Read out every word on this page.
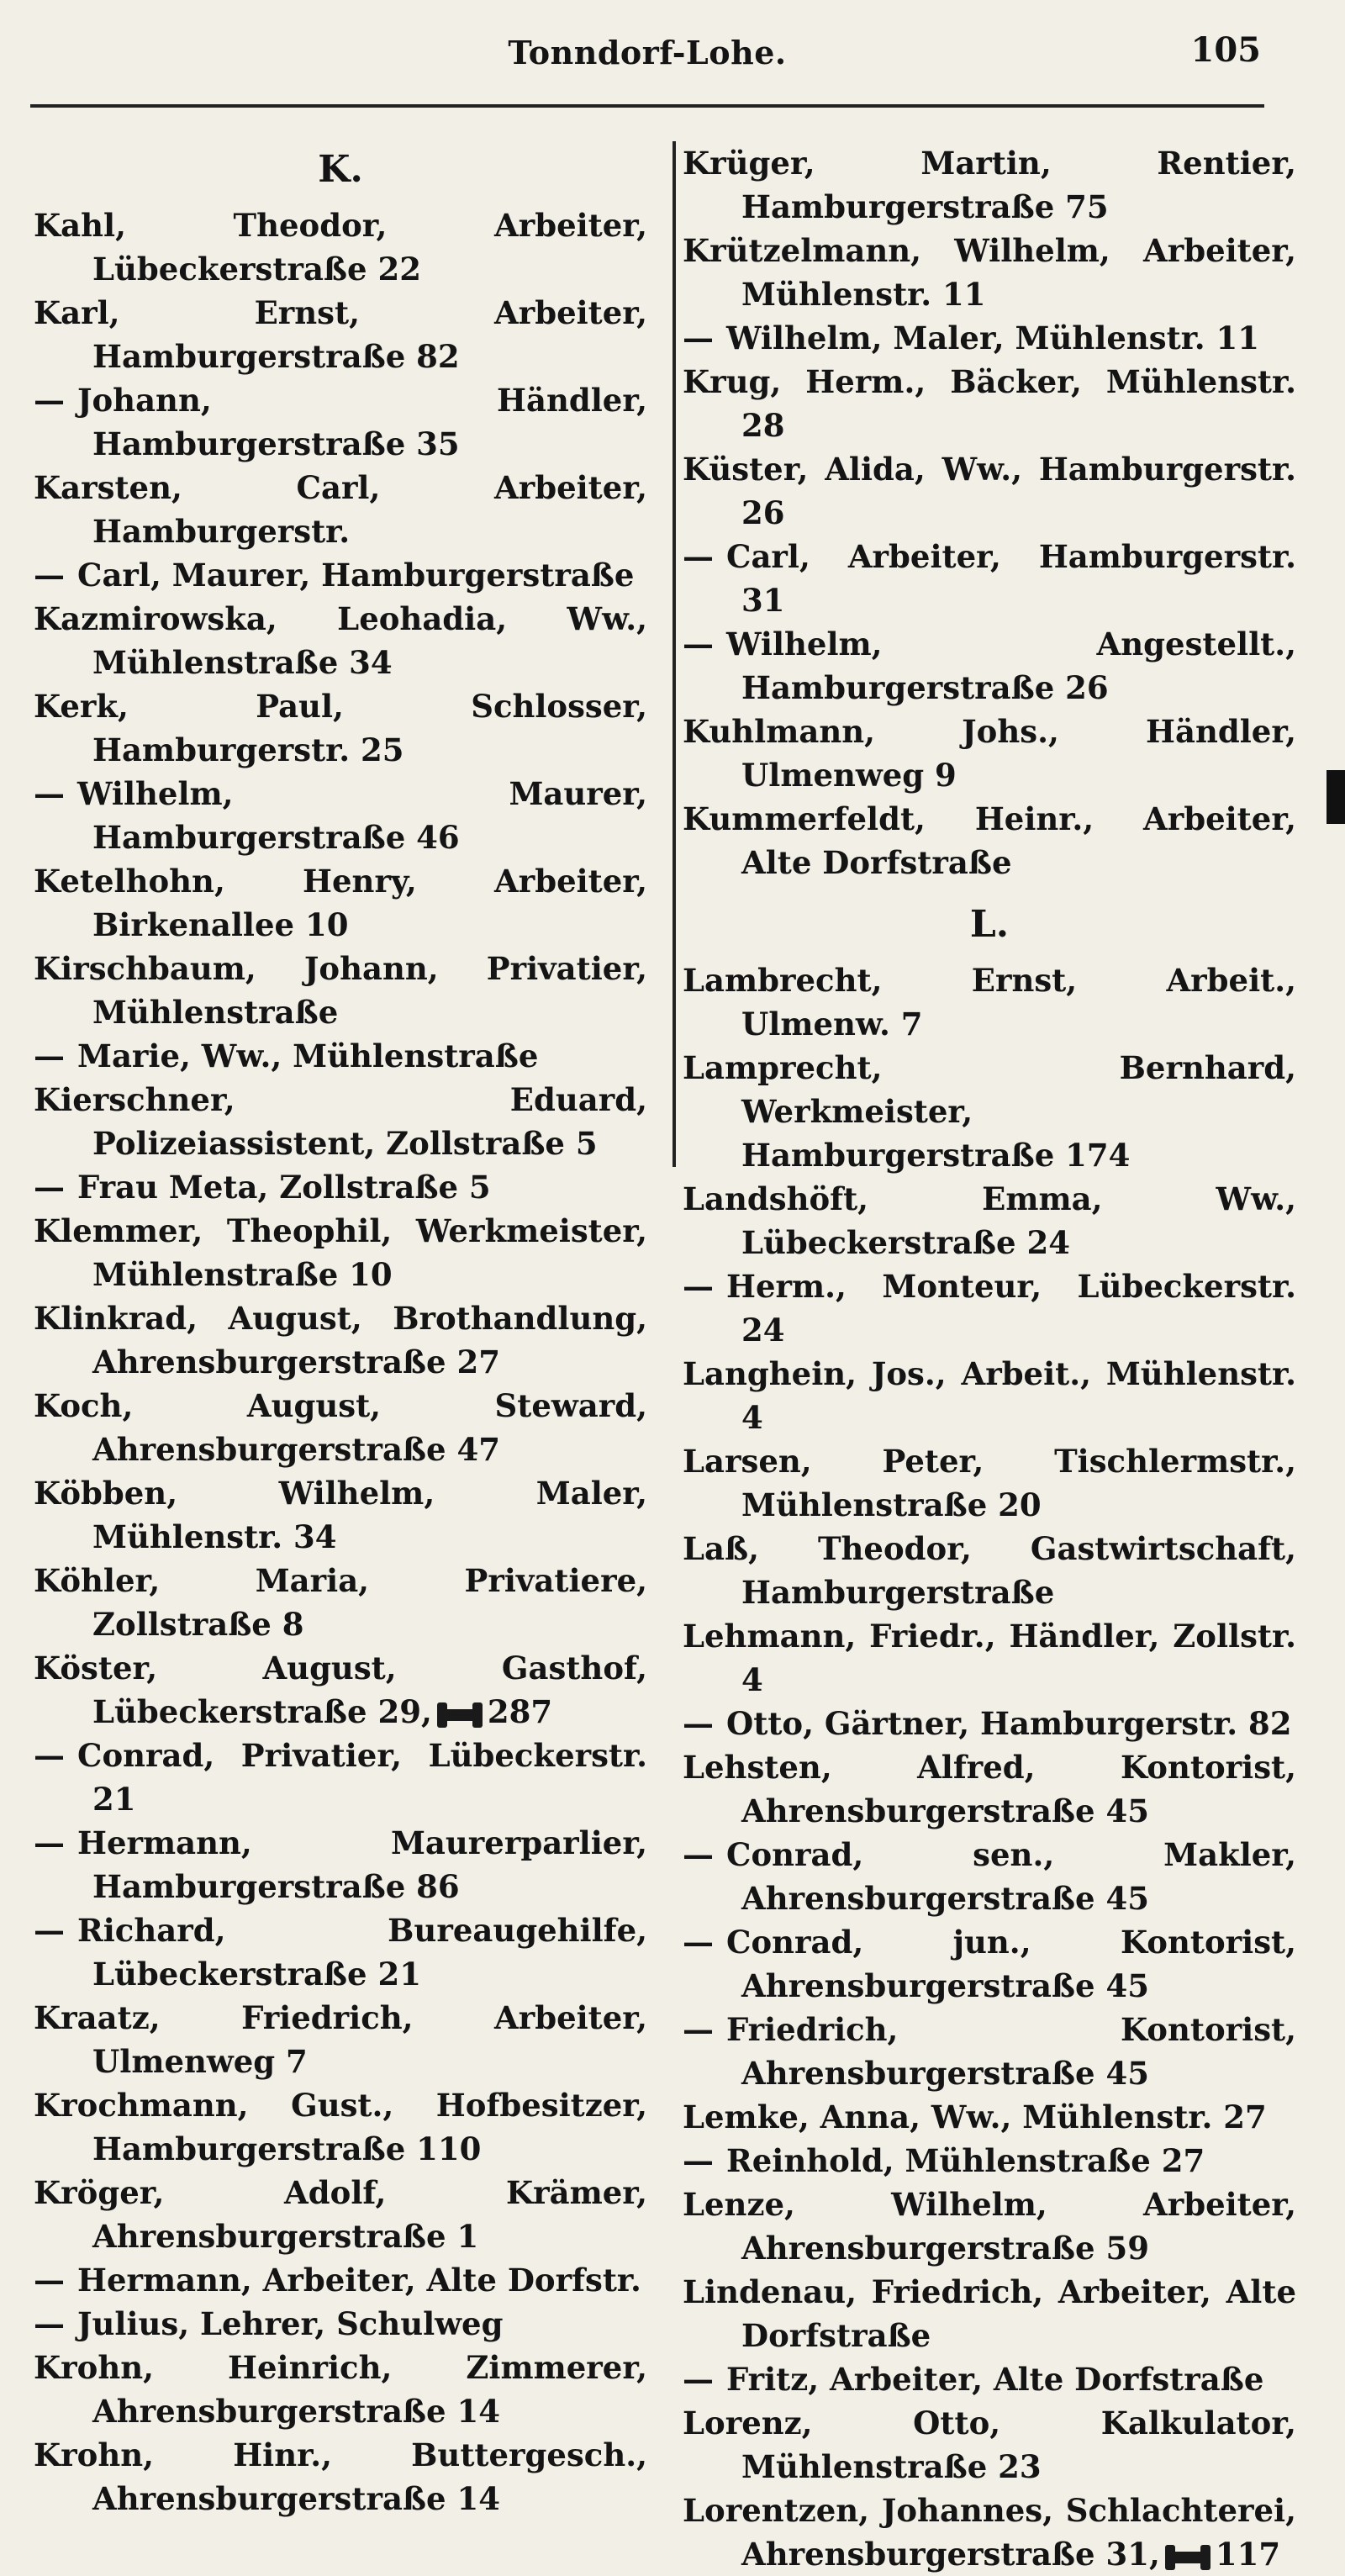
Tonndorf-Lohe.	105
K.

Kahl, Theodor, Arbeiter, Lübeckerstraße 22

Karl, Ernst, Arbeiter, Hamburgerstraße 82

— Johann, Händler, Hamburgerstraße 35

Karsten, Carl, Arbeiter, Hamburgerstr.

— Carl, Maurer, Hamburgerstraße

Kazmirowska, Leohadia, Ww., Mühlenstraße 34

Kerk, Paul, Schlosser, Hamburgerstr. 25

— Wilhelm, Maurer, Hamburgerstraße 46

Ketelhohn, Henry, Arbeiter, Birkenallee 10

Kirschbaum, Johann, Privatier, Mühlenstraße

— Marie, Ww., Mühlenstraße

Kierschner, Eduard, Polizeiassistent, Zollstraße 5

— Frau Meta, Zollstraße 5

Klemmer, Theophil, Werkmeister, Mühlenstraße 10

Klinkrad, August, Brothandlung, Ahrensburgerstraße 27

Koch, August, Steward, Ahrensburgerstraße 47

Köbben, Wilhelm, Maler, Mühlenstr. 34

Köhler, Maria, Privatiere, Zollstraße 8

Köster, August, Gasthof, Lübeckerstraße 29, 287

— Conrad, Privatier, Lübeckerstr. 21

— Hermann, Maurerparlier, Hamburgerstraße 86

— Richard, Bureaugehilfe, Lübeckerstraße 21

Kraatz, Friedrich, Arbeiter, Ulmenweg 7

Krochmann, Gust., Hofbesitzer, Hamburgerstraße 110

Kröger, Adolf, Krämer, Ahrensburgerstraße 1

— Hermann, Arbeiter, Alte Dorfstr.

— Julius, Lehrer, Schulweg

Krohn, Heinrich, Zimmerer, Ahrensburgerstraße 14

Krohn, Hinr., Buttergesch., Ahrensburgerstraße 14

Krüger, Martin, Rentier, Hamburgerstraße 75

Krützelmann, Wilhelm, Arbeiter, Mühlenstr. 11

— Wilhelm, Maler, Mühlenstr. 11

Krug, Herm., Bäcker, Mühlenstr. 28

Küster, Alida, Ww., Hamburgerstr. 26

— Carl, Arbeiter, Hamburgerstr. 31

— Wilhelm, Angestellt., Hamburgerstraße 26

Kuhlmann, Johs., Händler, Ulmenweg 9

Kummerfeldt, Heinr., Arbeiter, Alte Dorfstraße

L.

Lambrecht, Ernst, Arbeit., Ulmenw. 7

Lamprecht, Bernhard, Werkmeister, Hamburgerstraße 174

Landshöft, Emma, Ww., Lübeckerstraße 24

— Herm., Monteur, Lübeckerstr. 24

Langhein, Jos., Arbeit., Mühlenstr. 4

Larsen, Peter, Tischlermstr., Mühlenstraße 20

Laß, Theodor, Gastwirtschaft, Hamburgerstraße

Lehmann, Friedr., Händler, Zollstr. 4

— Otto, Gärtner, Hamburgerstr. 82

Lehsten, Alfred, Kontorist, Ahrensburgerstraße 45

— Conrad, sen., Makler, Ahrensburgerstraße 45

— Conrad, jun., Kontorist, Ahrensburgerstraße 45

— Friedrich, Kontorist, Ahrensburgerstraße 45

Lemke, Anna, Ww., Mühlenstr. 27

— Reinhold, Mühlenstraße 27

Lenze, Wilhelm, Arbeiter, Ahrensburgerstraße 59

Lindenau, Friedrich, Arbeiter, Alte Dorfstraße

— Fritz, Arbeiter, Alte Dorfstraße

Lorenz, Otto, Kalkulator, Mühlenstraße 23

Lorentzen, Johannes, Schlachterei, Ahrensburgerstraße 31, 117
